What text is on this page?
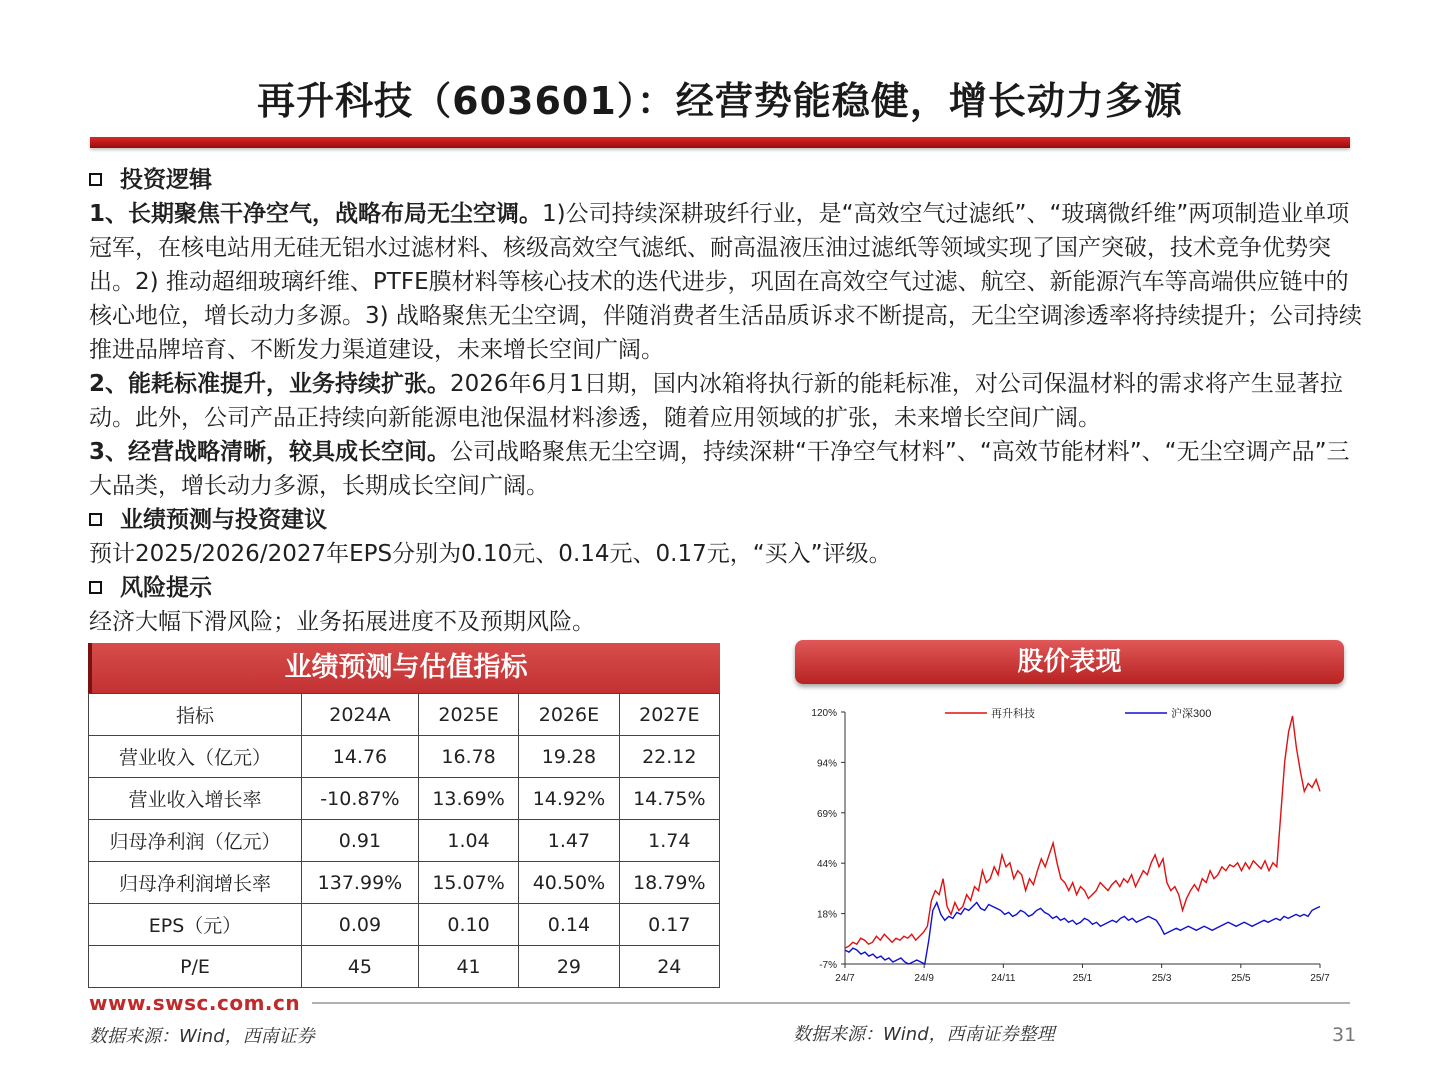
再升科技（603601）：经营势能稳健，增长动力多源

投资逻辑

1、长期聚焦干净空气，战略布局无尘空调。1)公司持续深耕玻纤行业，是“高效空气过滤纸”、“玻璃微纤维”两项制造业单项冠军，在核电站用无硅无铝水过滤材料、核级高效空气滤纸、耐高温液压油过滤纸等领域实现了国产突破，技术竞争优势突出。2) 推动超细玻璃纤维、PTFE膜材料等核心技术的迭代进步，巩固在高效空气过滤、航空、新能源汽车等高端供应链中的核心地位，增长动力多源。3) 战略聚焦无尘空调，伴随消费者生活品质诉求不断提高，无尘空调渗透率将持续提升；公司持续推进品牌培育、不断发力渠道建设，未来增长空间广阔。

2、能耗标准提升，业务持续扩张。2026年6月1日期，国内冰箱将执行新的能耗标准，对公司保温材料的需求将产生显著拉动。此外，公司产品正持续向新能源电池保温材料渗透，随着应用领域的扩张，未来增长空间广阔。

3、经营战略清晰，较具成长空间。公司战略聚焦无尘空调，持续深耕“干净空气材料”、“高效节能材料”、“无尘空调产品”三大品类，增长动力多源，长期成长空间广阔。

业绩预测与投资建议

预计2025/2026/2027年EPS分别为0.10元、0.14元、0.17元，“买入”评级。

风险提示

经济大幅下滑风险；业务拓展进度不及预期风险。

业绩预测与估值指标
指标	2024A	2025E	2026E	2027E
营业收入（亿元）	14.76	16.78	19.28	22.12
营业收入增长率	-10.87%	13.69%	14.92%	14.75%
归母净利润（亿元）	0.91	1.04	1.47	1.74
归母净利润增长率	137.99%	15.07%	40.50%	18.79%
EPS（元）	0.09	0.10	0.14	0.17
P/E	45	41	29	24
股价表现
120%
94%
69%
44%
18%
-7%
24/7	24/9	24/11	25/1	25/3	25/5	25/7
再升科技	沪深300
www.swsc.com.cn
数据来源：Wind，西南证券	数据来源：Wind，西南证券整理	31
